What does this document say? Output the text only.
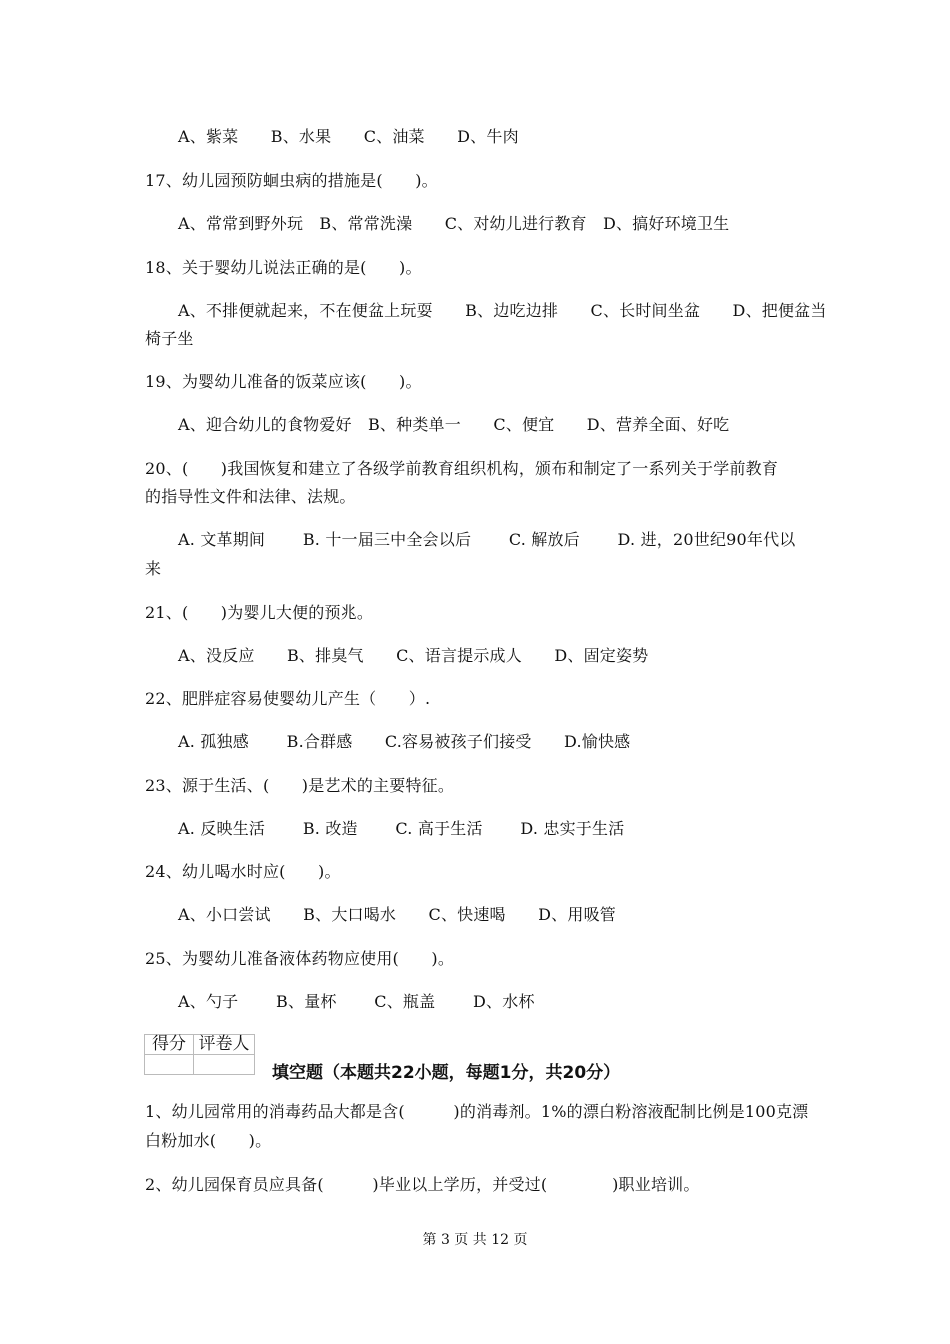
A、紫菜　　B、水果　　C、油菜　　D、牛肉
17、幼儿园预防蛔虫病的措施是(　　)。
A、常常到野外玩　B、常常洗澡　　C、对幼儿进行教育　D、搞好环境卫生
18、关于婴幼儿说法正确的是(　　)。
A、不排便就起来，不在便盆上玩耍　　B、边吃边排　　C、长时间坐盆　　D、把便盆当
椅子坐
19、为婴幼儿准备的饭菜应该(　　)。
A、迎合幼儿的食物爱好　B、种类单一　　C、便宜　　D、营养全面、好吃
20、(　　)我国恢复和建立了各级学前教育组织机构，颁布和制定了一系列关于学前教育
的指导性文件和法律、法规。
A. 文革期间　　 B. 十一届三中全会以后　　 C. 解放后　　 D. 进，20世纪90年代以
来
21、(　　)为婴儿大便的预兆。
A、没反应　　B、排臭气　　C、语言提示成人　　D、固定姿势
22、肥胖症容易使婴幼儿产生（　　）.
A. 孤独感　　 B.合群感　　C.容易被孩子们接受　　D.愉快感
23、源于生活、(　　)是艺术的主要特征。
A. 反映生活　　 B. 改造　　 C. 高于生活　　 D. 忠实于生活
24、幼儿喝水时应(　　)。
A、小口尝试　　B、大口喝水　　C、快速喝　　D、用吸管
25、为婴幼儿准备液体药物应使用(　　)。
A、勺子　　 B、量杯　　 C、瓶盖　　 D、水杯
得分	评卷人

填空题（本题共22小题，每题1分，共20分）
1、幼儿园常用的消毒药品大都是含(　　　)的消毒剂。1%的漂白粉溶液配制比例是100克漂
白粉加水(　　)。
2、幼儿园保育员应具备(　　　)毕业以上学历，并受过(　　　　)职业培训。
第 3 页 共 12 页
